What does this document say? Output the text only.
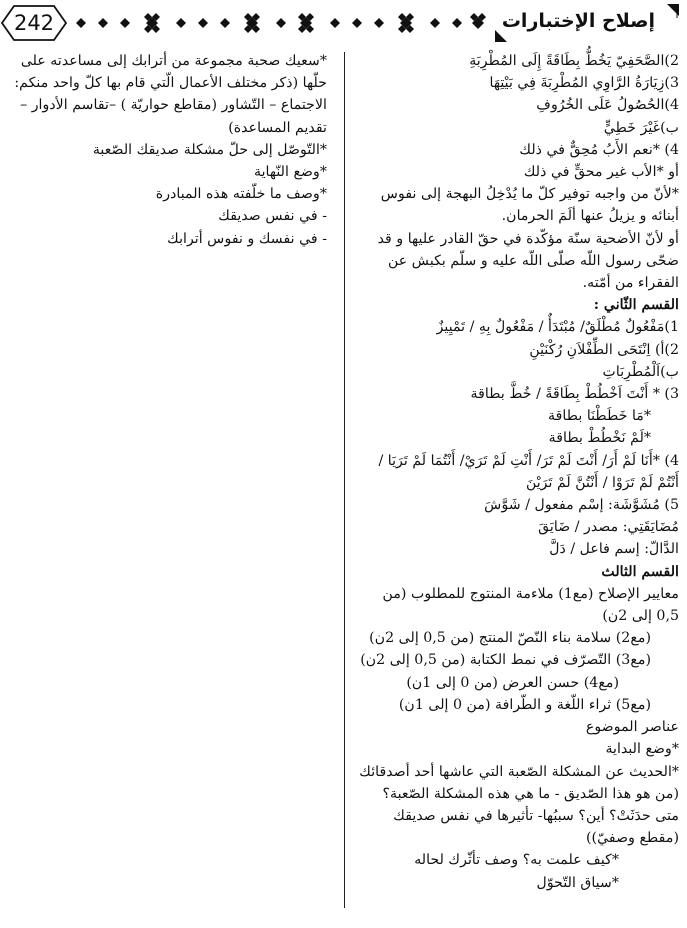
242	إصلاح الإختبارات
2)الصَّحَفِيّ يَخُطُّ بِطَاقَةً إِلَى المُطْرِبَةِ
3)زِيَارَةُ الرَّاوِي المُطْرِبَةَ فِي بَيْتِهَا
4)الحُصُولُ عَلَى الخُرُوفِ
ب)غَيْرَ خَطِيٍّ
4) *نعم الأَبُ مُحِقٌّ في ذلك
أو *الأب غير محقٍّ في ذلك
*لأنّ من واجبه توفير كلّ ما يُدْخِلُ البهجة إلى نفوس أبنائه و يزيلُ عنها ألَمَ الحرمان.
أو لأنّ الأضحية سنّة مؤكّدة في حقّ القادر عليها و قد ضحّى رسول اللّه صلّى اللّه عليه و سلّم بكبش عن الفقراء من أمّته.
القسم الثّاني :
1)مَفْعُولٌ مُطْلَقٌ/ مُبْتَدَأٌ / مَفْعُولٌ بِهِ / تَمْيِيزٌ
2)أ) اِنْتَحَى الطِّفْلاَنِ رُكْنَيْنِ
ب)اَلْمُطْرِبَاتِ
3) * أَنْتَ اَخْطُطْ بِطَاقَةً / خُطَّ بطاقة
*مَا خَطَطْنَا بطاقة
*لَمْ نَخْطُطْ بطاقة
4) *أَنَا لَمْ أَرَ/ أَنْتَ لَمْ تَرَ/ أَنْتِ لَمْ تَرَيْ/ أَنْتُمَا لَمْ تَرَيَا / أَنْتُمْ لَمْ تَرَوْا / أَنْتُنَّ لَمْ تَرَيْنَ
5) مُشَوَّشَة: إسْم مفعول / شَوَّشَ
مُضَايَقَتِي: مصدر / ضَايَقَ
الدَّالّ: إسم فاعل / دَلَّ
القسم الثالث
معايير الإصلاح (مع1) ملاءمة المنتوج للمطلوب (من 0,5 إلى 2ن)
(مع2) سلامة بناء النّصّ المنتج (من 0,5 إلى 2ن)
(مع3) التّصرّف في نمط الكتابة (من 0,5 إلى 2ن)
(مع4) حسن العرض (من 0 إلى 1ن)
(مع5) ثراء اللّغة و الطّرافة (من 0 إلى 1ن)
عناصر الموضوع
*وضع البداية
*الحديث عن المشكلة الصّعبة التي عاشها أحد أصدقائك (من هو هذا الصّديق - ما هي هذه المشكلة الصّعبة؟ متى حدَثَتْ؟ أين؟ سببُها- تأثيرها في نفس صديقك (مقطع وصفيّ))
*كيف علمت به؟ وصف تأثّرك لحاله
*سياق التّحوّل
*سعيك صحبة مجموعة من أترابك إلى مساعدته على حلّها (ذكر مختلف الأعمال الّتي قام بها كلّ واحد منكم: الاجتماع – التّشاور (مقاطع حواريّة ) –تقاسم الأدوار – تقديم المساعدة)
*التّوصّل إلى حلّ مشكلة صديقك الصّعبة
*وضع النّهاية
*وصف ما خلّفته هذه المبادرة
- في نفس صديقك
- في نفسك و نفوس أترابك
